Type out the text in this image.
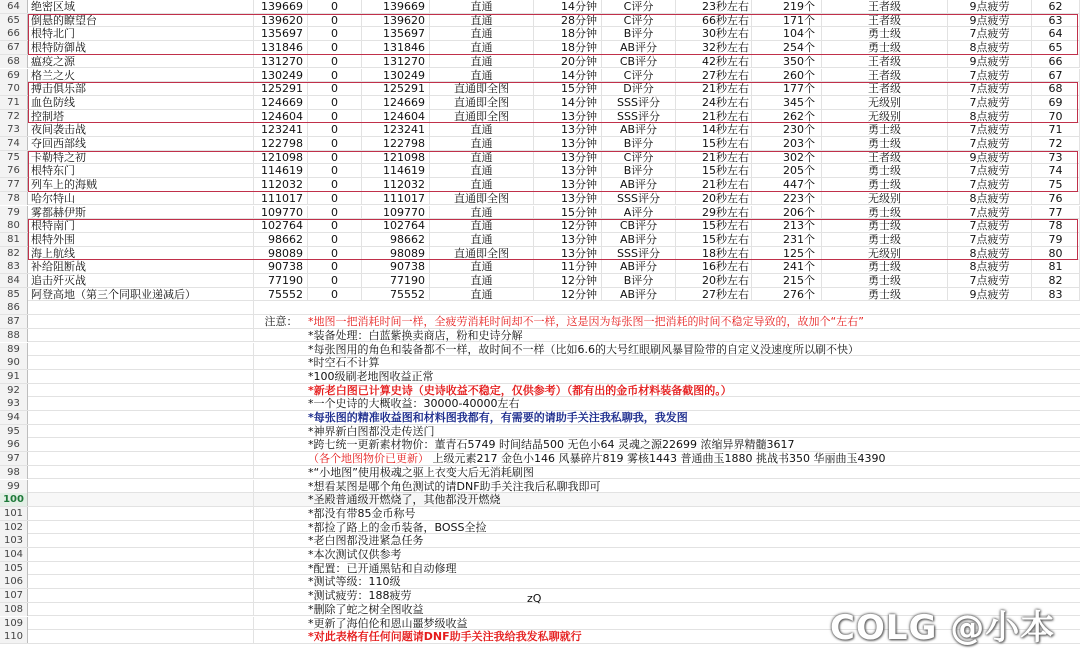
64	绝密区域	139669	0	139669	直通	14分钟	C评分	23秒左右	219个	王者级	9点疲劳	62
65	倒悬的瞭望台	139620	0	139620	直通	28分钟	C评分	66秒左右	171个	王者级	9点疲劳	63
66	根特北门	135697	0	135697	直通	18分钟	B评分	30秒左右	104个	勇士级	7点疲劳	64
67	根特防御战	131846	0	131846	直通	18分钟	AB评分	32秒左右	254个	勇士级	8点疲劳	65
68	瘟疫之源	131270	0	131270	直通	20分钟	CB评分	42秒左右	350个	王者级	9点疲劳	66
69	格兰之火	130249	0	130249	直通	14分钟	C评分	27秒左右	260个	王者级	7点疲劳	67
70	搏击俱乐部	125291	0	125291	直通即全图	15分钟	D评分	21秒左右	177个	王者级	7点疲劳	68
71	血色防线	124669	0	124669	直通即全图	14分钟	SSS评分	24秒左右	345个	无级别	7点疲劳	69
72	控制塔	124604	0	124604	直通即全图	13分钟	SSS评分	21秒左右	262个	无级别	8点疲劳	70
73	夜间袭击战	123241	0	123241	直通	13分钟	AB评分	14秒左右	230个	勇士级	7点疲劳	71
74	夺回西部线	122798	0	122798	直通	13分钟	B评分	15秒左右	203个	勇士级	7点疲劳	72
75	卡勒特之初	121098	0	121098	直通	13分钟	C评分	21秒左右	302个	王者级	9点疲劳	73
76	根特东门	114619	0	114619	直通	13分钟	B评分	15秒左右	205个	勇士级	7点疲劳	74
77	列车上的海贼	112032	0	112032	直通	13分钟	AB评分	21秒左右	447个	勇士级	7点疲劳	75
78	哈尔特山	111017	0	111017	直通即全图	13分钟	SSS评分	20秒左右	223个	无级别	8点疲劳	76
79	雾都赫伊斯	109770	0	109770	直通	15分钟	A评分	29秒左右	206个	勇士级	7点疲劳	77
80	根特南门	102764	0	102764	直通	12分钟	CB评分	15秒左右	213个	勇士级	7点疲劳	78
81	根特外围	98662	0	98662	直通	13分钟	AB评分	15秒左右	231个	勇士级	7点疲劳	79
82	海上航线	98089	0	98089	直通即全图	13分钟	SSS评分	18秒左右	125个	无级别	8点疲劳	80
83	补给阻断战	90738	0	90738	直通	11分钟	AB评分	16秒左右	241个	勇士级	8点疲劳	81
84	追击歼灭战	77190	0	77190	直通	12分钟	B评分	20秒左右	215个	勇士级	7点疲劳	82
85	阿登高地（第三个同职业递减后）	75552	0	75552	直通	12分钟	AB评分	27秒左右	276个	勇士级	9点疲劳	83
86
87	注意： *地图一把消耗时间一样，全疲劳消耗时间却不一样，这是因为每张图一把消耗的时间不稳定导致的，故加个“左右”
88	*装备处理：白蓝紫换卖商店，粉和史诗分解
89	*每张图用的角色和装备都不一样，故时间不一样（比如6.6的大号红眼刷风暴冒险带的自定义没速度所以刷不快）
90	*时空石不计算
91	*100级刷老地图收益正常
92	*新老白图已计算史诗（史诗收益不稳定，仅供参考）（都有出的金币材料装备截图的。）
93	*一个史诗的大概收益：30000-40000左右
94	*每张图的精准收益图和材料图我都有，有需要的请助手关注我私聊我，我发图
95	*神界新白图都没走传送门
96	*跨七统一更新素材物价：董青石5749 时间结晶500 无色小64 灵魂之源22699 浓缩异界精髓3617
97	（各个地图物价已更新） 上级元素217 金色小146 风暴碎片819 雾核1443 普通曲玉1880 挑战书350 华丽曲玉4390
98	*“小地图”使用极魂之驱上衣变大后无消耗刷图
99	*想看某图是哪个角色测试的请DNF助手关注我后私聊我即可
100	*圣殿普通级开燃烧了，其他都没开燃烧
101	*都没有带85金币称号
102	*都捡了路上的金币装备，BOSS全捡
103	*老白图都没进紧急任务
104	*本次测试仅供参考
105	*配置：已开通黑钻和自动修理
106	*测试等级：110级
107	*测试疲劳：188疲劳
108	*删除了蛇之树全图收益
109	*更新了海伯伦和恩山噩梦级收益
110	*对此表格有任何问题请DNF助手关注我给我发私聊就行
zQ
COLG @小本
